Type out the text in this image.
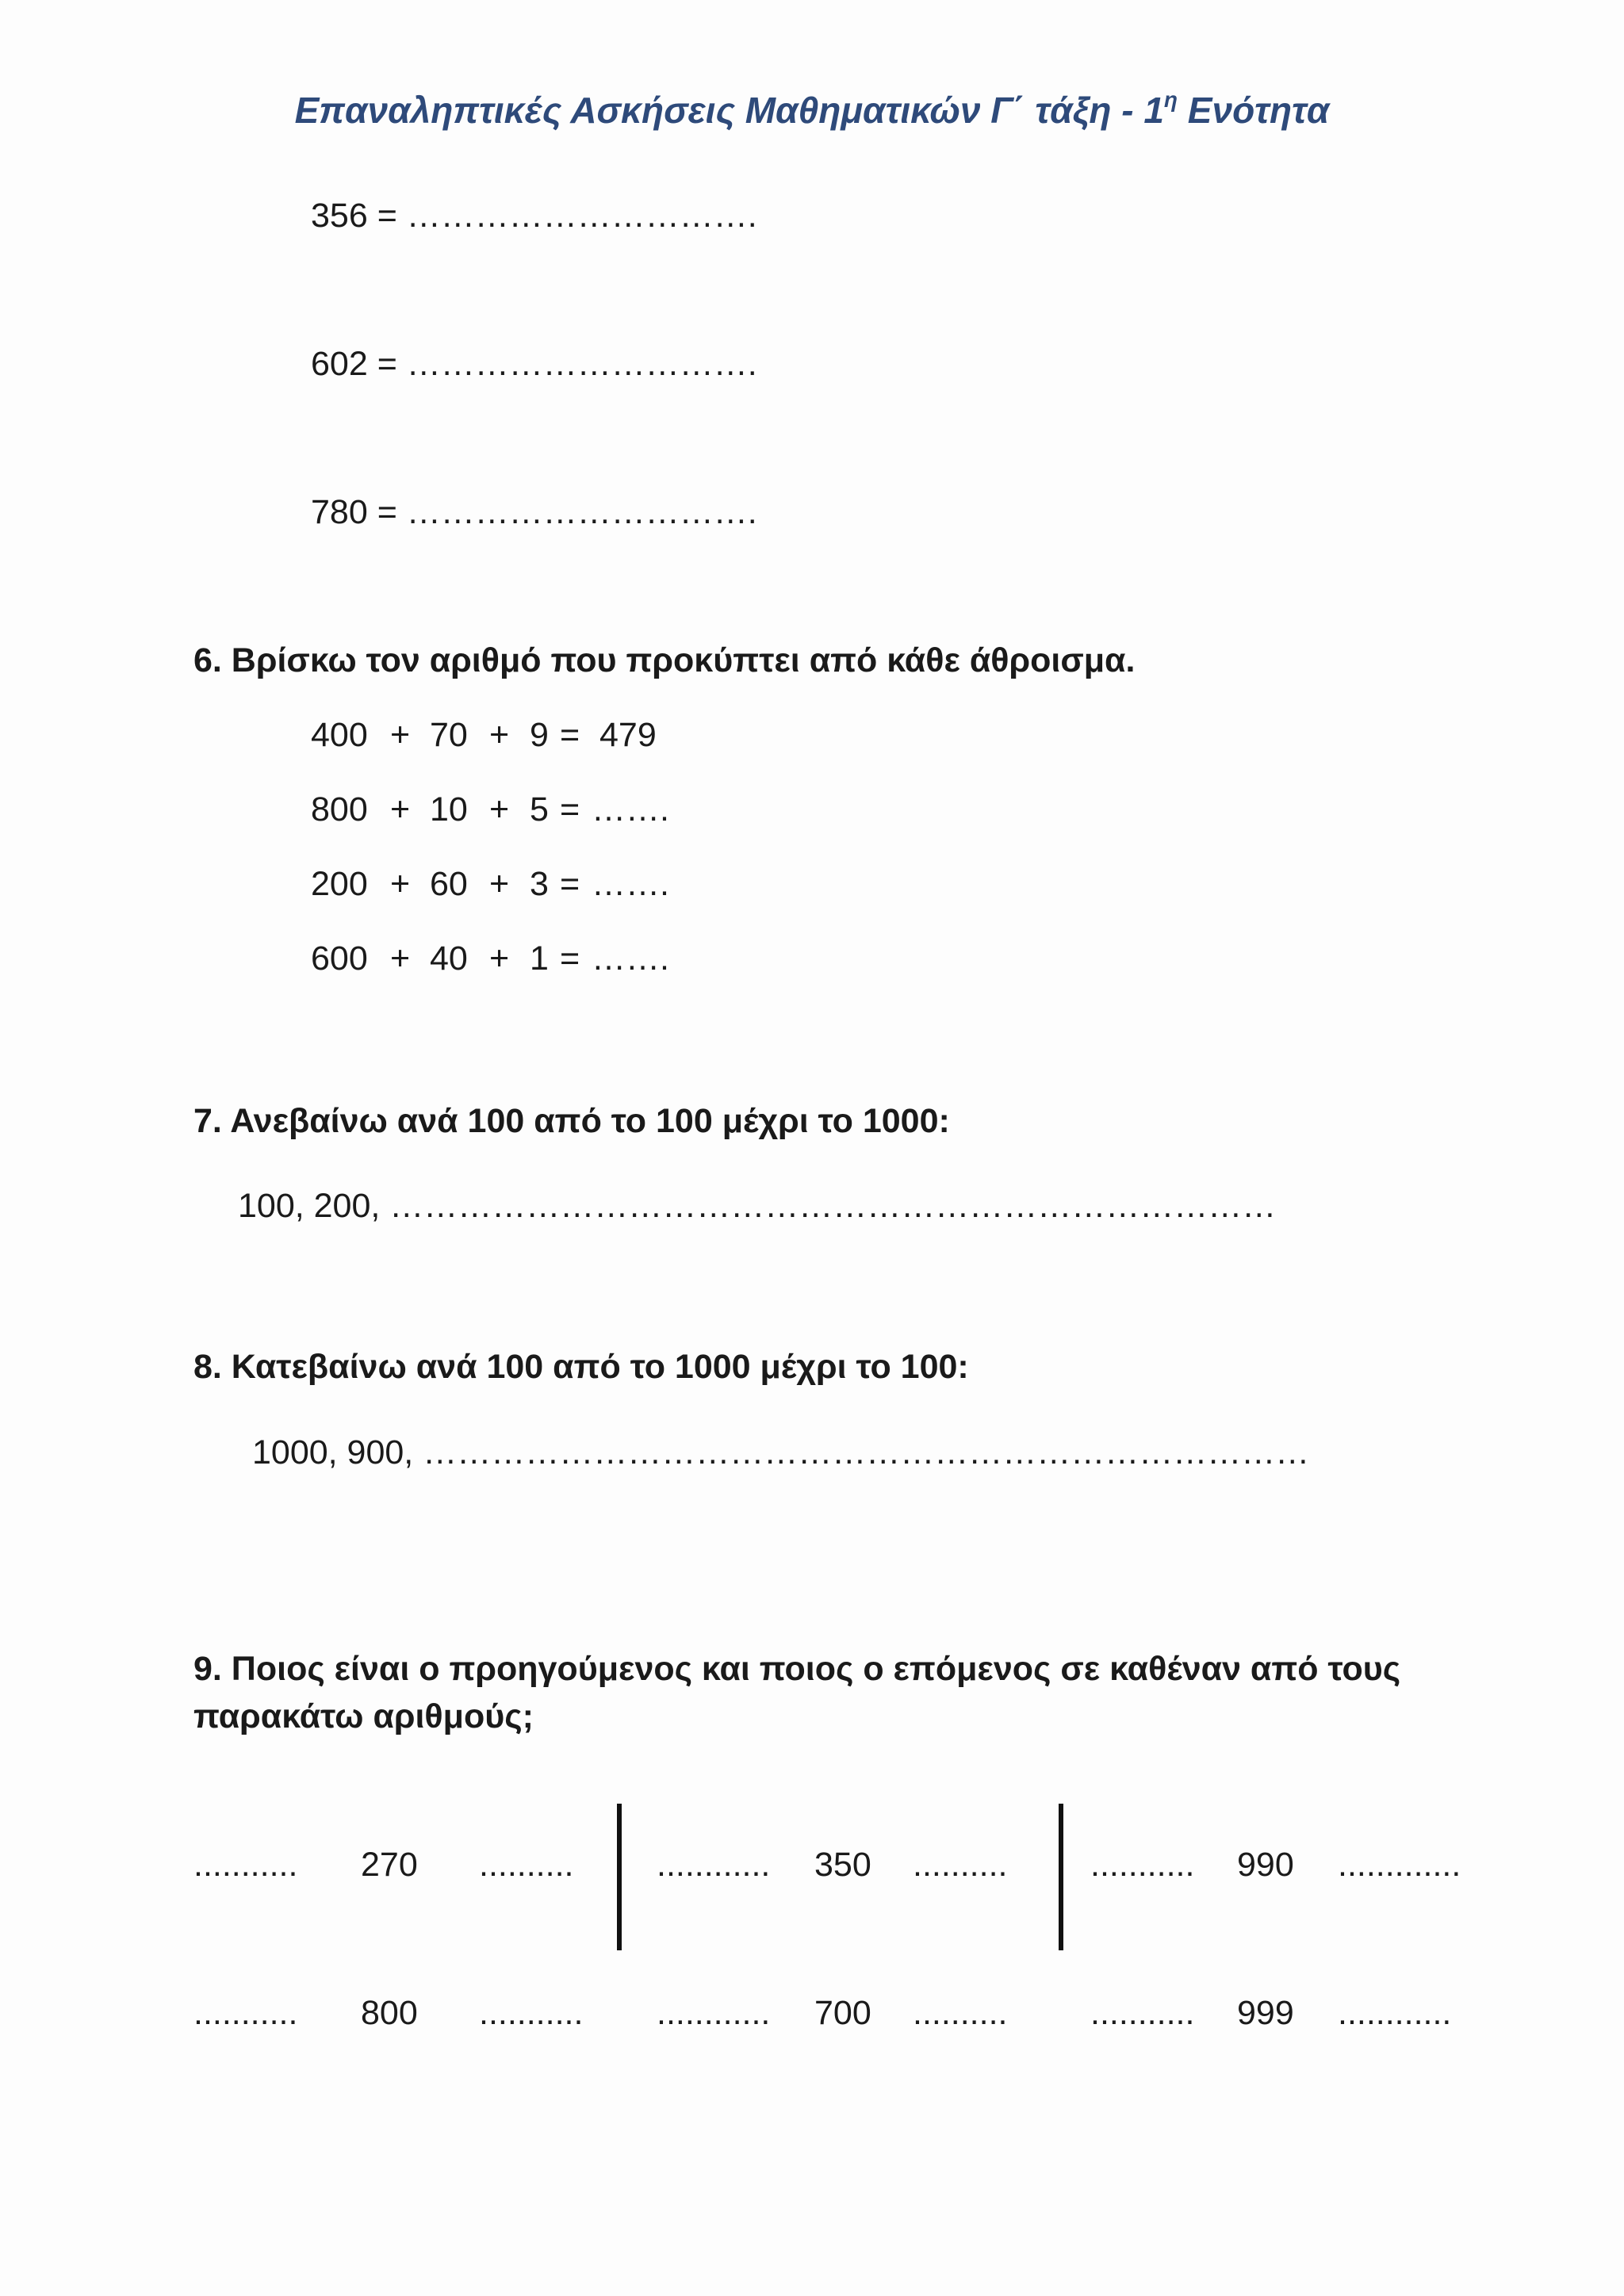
Επαναληπτικές Ασκήσεις Μαθηματικών Γ΄ τάξη - $1^\eta$ Ενότητα
356 = ………………………….
602 = ………………………….
780 = ………………………….
6. Βρίσκω τον αριθμό που προκύπτει από κάθε άθροισμα.
400 + 70 + 9 = 479
800 + 10 + 5 = …….
200 + 60 + 3 = …….
600 + 40 + 1 = …….
7. Ανεβαίνω ανά 100 από το 100 μέχρι το 1000:
100, 200, ……………………………………………………………………
8. Κατεβαίνω ανά 100 από το 1000 μέχρι το 100:
1000, 900, ……………………………………………………………………
9. Ποιος είναι ο προηγούμενος και ποιος ο επόμενος σε καθέναν από τους
παρακάτω αριθμούς;
........... 270 .......... ............ 350 .......... ........... 990 .............
........... 800 ........... ............ 700 .......... ........... 999 ............
